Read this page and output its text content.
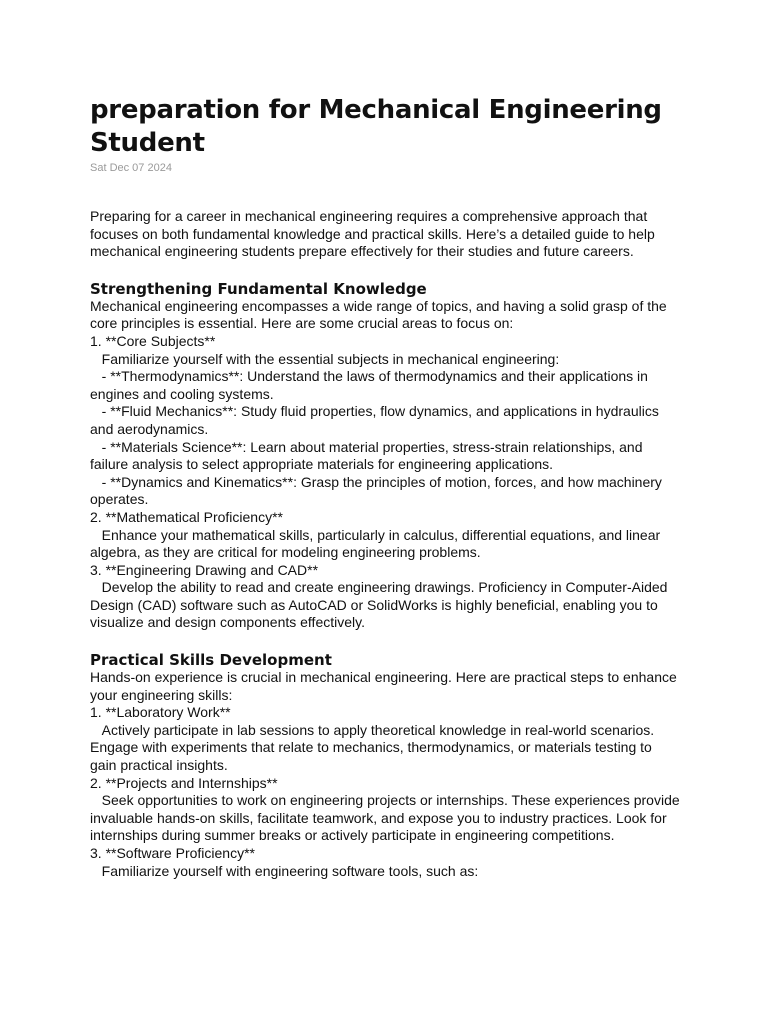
preparation for Mechanical Engineering Student
Sat Dec 07 2024

Preparing for a career in mechanical engineering requires a comprehensive approach that focuses on both fundamental knowledge and practical skills. Here’s a detailed guide to help mechanical engineering students prepare effectively for their studies and future careers.

Strengthening Fundamental Knowledge
Mechanical engineering encompasses a wide range of topics, and having a solid grasp of the core principles is essential. Here are some crucial areas to focus on:
1. **Core Subjects**
Familiarize yourself with the essential subjects in mechanical engineering:
- **Thermodynamics**: Understand the laws of thermodynamics and their applications in engines and cooling systems.
- **Fluid Mechanics**: Study fluid properties, flow dynamics, and applications in hydraulics and aerodynamics.
- **Materials Science**: Learn about material properties, stress-strain relationships, and failure analysis to select appropriate materials for engineering applications.
- **Dynamics and Kinematics**: Grasp the principles of motion, forces, and how machinery operates.
2. **Mathematical Proficiency**
Enhance your mathematical skills, particularly in calculus, differential equations, and linear algebra, as they are critical for modeling engineering problems.
3. **Engineering Drawing and CAD**
Develop the ability to read and create engineering drawings. Proficiency in Computer-Aided Design (CAD) software such as AutoCAD or SolidWorks is highly beneficial, enabling you to visualize and design components effectively.
Practical Skills Development
Hands-on experience is crucial in mechanical engineering. Here are practical steps to enhance your engineering skills:
1. **Laboratory Work**
Actively participate in lab sessions to apply theoretical knowledge in real-world scenarios. Engage with experiments that relate to mechanics, thermodynamics, or materials testing to gain practical insights.
2. **Projects and Internships**
Seek opportunities to work on engineering projects or internships. These experiences provide invaluable hands-on skills, facilitate teamwork, and expose you to industry practices. Look for internships during summer breaks or actively participate in engineering competitions.
3. **Software Proficiency**
Familiarize yourself with engineering software tools, such as:
